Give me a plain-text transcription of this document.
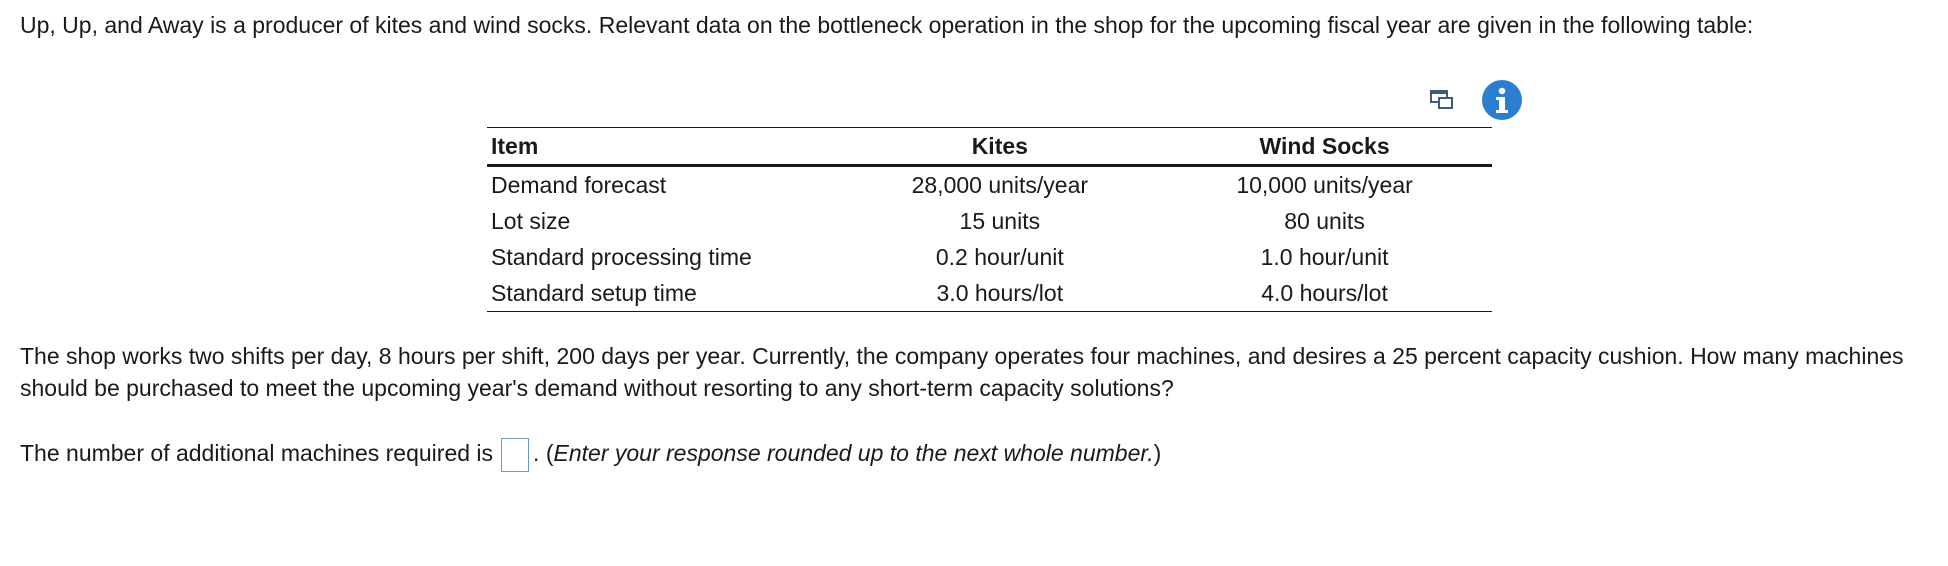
Up, Up, and Away is a producer of kites and wind socks. Relevant data on the bottleneck operation in the shop for the upcoming fiscal year are given in the following table:

Item	Kites	Wind Socks
Demand forecast	28,000 units/year	10,000 units/year
Lot size	15 units	80 units
Standard processing time	0.2 hour/unit	1.0 hour/unit
Standard setup time	3.0 hours/lot	4.0 hours/lot

The shop works two shifts per day, 8 hours per shift, 200 days per year. Currently, the company operates four machines, and desires a 25 percent capacity cushion. How many machines should be purchased to meet the upcoming year's demand without resorting to any short-term capacity solutions?

The number of additional machines required is . (Enter your response rounded up to the next whole number.)
